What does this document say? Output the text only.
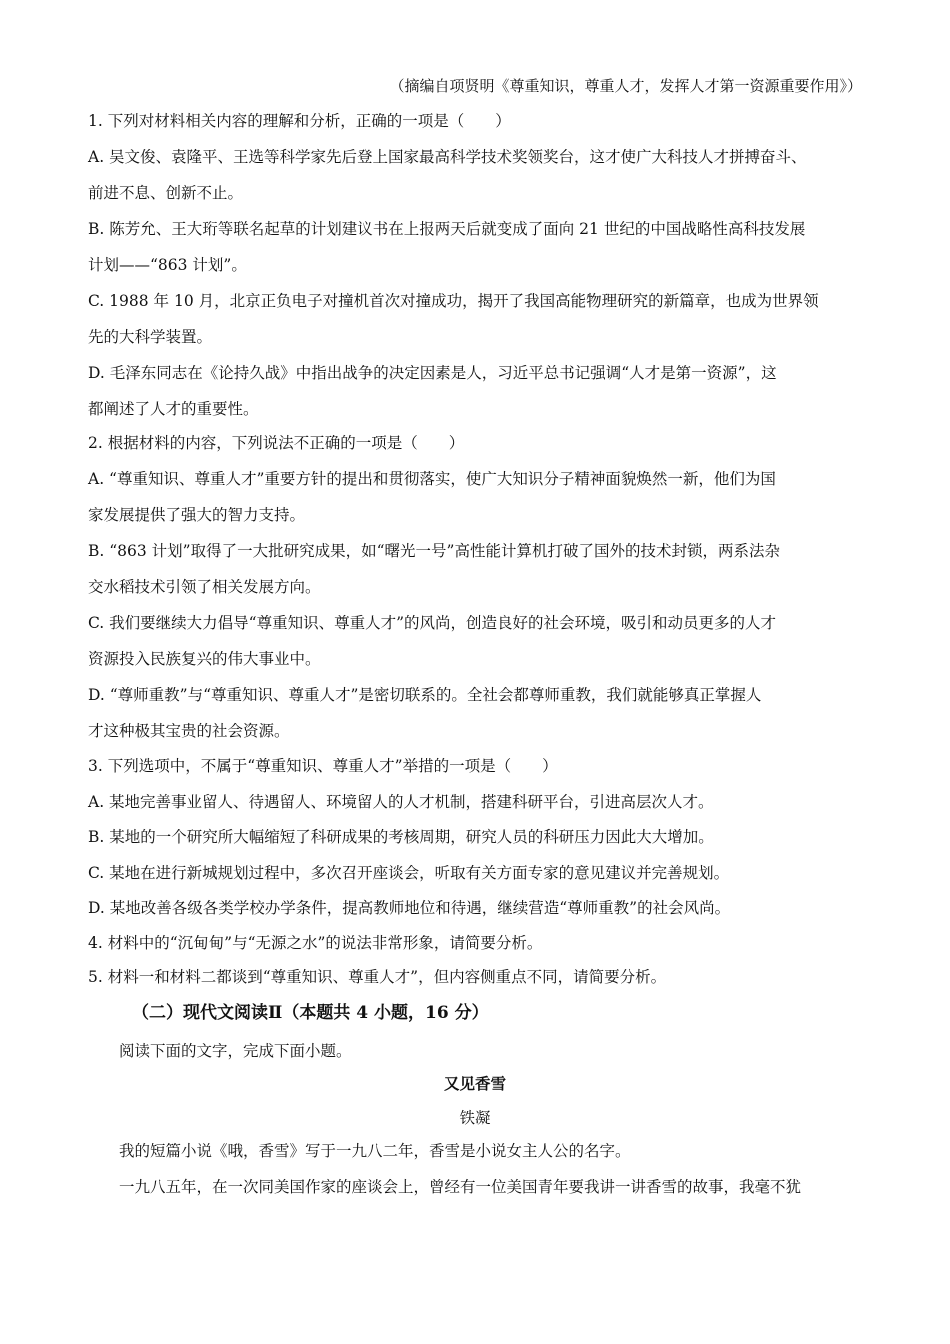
（摘编自项贤明《尊重知识，尊重人才，发挥人才第一资源重要作用》）
1. 下列对材料相关内容的理解和分析，正确的一项是（　　）
A. 吴文俊、袁隆平、王选等科学家先后登上国家最高科学技术奖领奖台，这才使广大科技人才拼搏奋斗、
前进不息、创新不止。
B. 陈芳允、王大珩等联名起草的计划建议书在上报两天后就变成了面向 21 世纪的中国战略性高科技发展
计划——“863 计划”。
C. 1988 年 10 月，北京正负电子对撞机首次对撞成功，揭开了我国高能物理研究的新篇章，也成为世界领
先的大科学装置。
D. 毛泽东同志在《论持久战》中指出战争的决定因素是人，习近平总书记强调“人才是第一资源”，这
都阐述了人才的重要性。
2. 根据材料的内容，下列说法不正确的一项是（　　）
A. “尊重知识、尊重人才”重要方针的提出和贯彻落实，使广大知识分子精神面貌焕然一新，他们为国
家发展提供了强大的智力支持。
B. “863 计划”取得了一大批研究成果，如“曙光一号”高性能计算机打破了国外的技术封锁，两系法杂
交水稻技术引领了相关发展方向。
C. 我们要继续大力倡导“尊重知识、尊重人才”的风尚，创造良好的社会环境，吸引和动员更多的人才
资源投入民族复兴的伟大事业中。
D. “尊师重教”与“尊重知识、尊重人才”是密切联系的。全社会都尊师重教，我们就能够真正掌握人
才这种极其宝贵的社会资源。
3. 下列选项中，不属于“尊重知识、尊重人才”举措的一项是（　　）
A. 某地完善事业留人、待遇留人、环境留人的人才机制，搭建科研平台，引进高层次人才。
B. 某地的一个研究所大幅缩短了科研成果的考核周期，研究人员的科研压力因此大大增加。
C. 某地在进行新城规划过程中，多次召开座谈会，听取有关方面专家的意见建议并完善规划。
D. 某地改善各级各类学校办学条件，提高教师地位和待遇，继续营造“尊师重教”的社会风尚。
4. 材料中的“沉甸甸”与“无源之水”的说法非常形象，请简要分析。
5. 材料一和材料二都谈到“尊重知识、尊重人才”，但内容侧重点不同，请简要分析。
（二）现代文阅读Ⅱ（本题共 4 小题，16 分）
阅读下面的文字，完成下面小题。
又见香雪
铁凝
我的短篇小说《哦，香雪》写于一九八二年，香雪是小说女主人公的名字。
一九八五年，在一次同美国作家的座谈会上，曾经有一位美国青年要我讲一讲香雪的故事，我毫不犹
